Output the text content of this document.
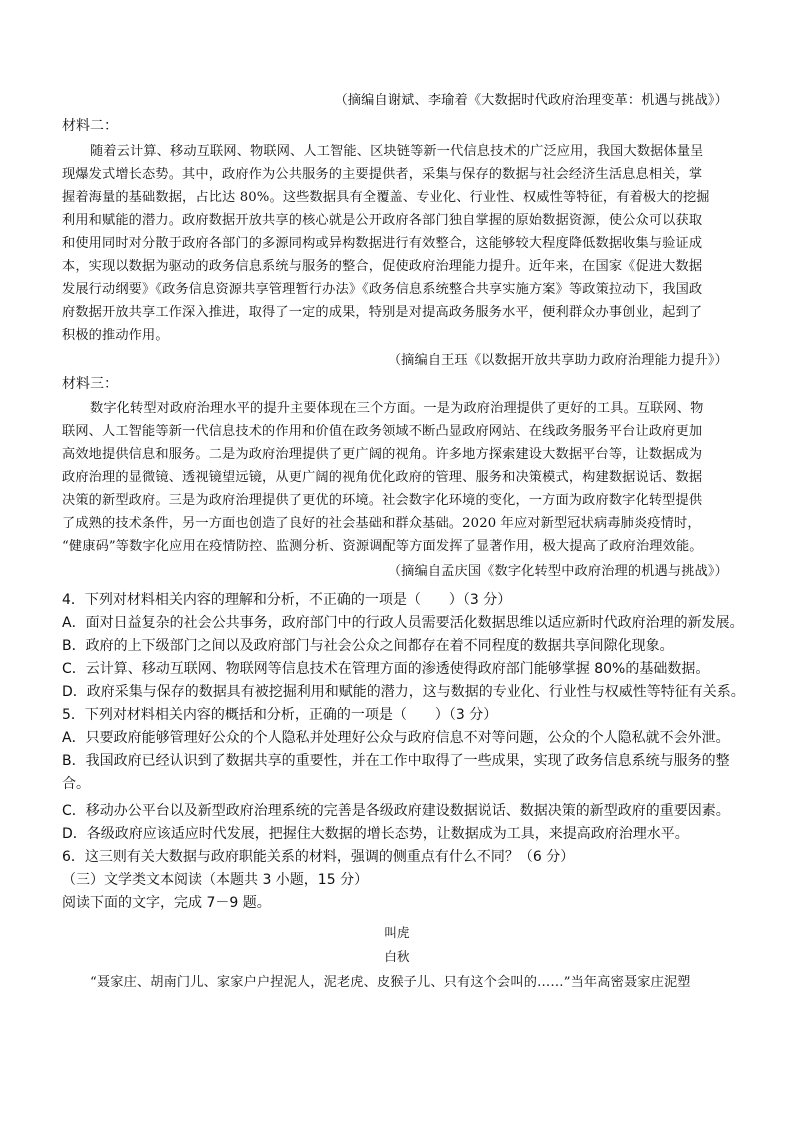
（摘编自谢斌、李瑜着《大数据时代政府治理变革：机遇与挑战》）
材料二：
随着云计算、移动互联网、物联网、人工智能、区块链等新一代信息技术的广泛应用，我国大数据体量呈
现爆发式增长态势。其中，政府作为公共服务的主要提供者，采集与保存的数据与社会经济生活息息相关，掌
握着海量的基础数据，占比达 80%。这些数据具有全覆盖、专业化、行业性、权威性等特征，有着极大的挖掘
利用和赋能的潜力。政府数据开放共享的核心就是公开政府各部门独自掌握的原始数据资源，使公众可以获取
和使用同时对分散于政府各部门的多源同构或异构数据进行有效整合，这能够较大程度降低数据收集与验证成
本，实现以数据为驱动的政务信息系统与服务的整合，促使政府治理能力提升。近年来，在国家《促进大数据
发展行动纲要》《政务信息资源共享管理暂行办法》《政务信息系统整合共享实施方案》等政策拉动下，我国政
府数据开放共享工作深入推进，取得了一定的成果，特别是对提高政务服务水平，便利群众办事创业，起到了
积极的推动作用。
（摘编自王珏《以数据开放共享助力政府治理能力提升》）
材料三：
数字化转型对政府治理水平的提升主要体现在三个方面。一是为政府治理提供了更好的工具。互联网、物
联网、人工智能等新一代信息技术的作用和价值在政务领域不断凸显政府网站、在线政务服务平台让政府更加
高效地提供信息和服务。二是为政府治理提供了更广阔的视角。许多地方探索建设大数据平台等，让数据成为
政府治理的显微镜、透视镜望远镜，从更广阔的视角优化政府的管理、服务和决策模式，构建数据说话、数据
决策的新型政府。三是为政府治理提供了更优的环境。社会数字化环境的变化，一方面为政府数字化转型提供
了成熟的技术条件，另一方面也创造了良好的社会基础和群众基础。2020 年应对新型冠状病毒肺炎疫情时，
“健康码”等数字化应用在疫情防控、监测分析、资源调配等方面发挥了显著作用，极大提高了政府治理效能。
（摘编自孟庆国《数字化转型中政府治理的机遇与挑战》）
4．下列对材料相关内容的理解和分析，不正确的一项是（　　）（3 分）
A．面对日益复杂的社会公共事务，政府部门中的行政人员需要活化数据思维以适应新时代政府治理的新发展。
B．政府的上下级部门之间以及政府部门与社会公众之间都存在着不同程度的数据共享间隙化现象。
C．云计算、移动互联网、物联网等信息技术在管理方面的渗透使得政府部门能够掌握 80%的基础数据。
D．政府采集与保存的数据具有被挖掘利用和赋能的潜力，这与数据的专业化、行业性与权威性等特征有关系。
5．下列对材料相关内容的概括和分析，正确的一项是（　　）（3 分）
A．只要政府能够管理好公众的个人隐私并处理好公众与政府信息不对等问题，公众的个人隐私就不会外泄。
B．我国政府已经认识到了数据共享的重要性，并在工作中取得了一些成果，实现了政务信息系统与服务的整
合。
C．移动办公平台以及新型政府治理系统的完善是各级政府建设数据说话、数据决策的新型政府的重要因素。
D．各级政府应该适应时代发展，把握住大数据的增长态势，让数据成为工具，来提高政府治理水平。
6．这三则有关大数据与政府职能关系的材料，强调的侧重点有什么不同？（6 分）
（三）文学类文本阅读（本题共 3 小题，15 分）
阅读下面的文字，完成 7－9 题。
叫虎
白秋
“聂家庄、胡南门儿、家家户户捏泥人，泥老虎、皮猴子儿、只有这个会叫的……”当年高密聂家庄泥塑
